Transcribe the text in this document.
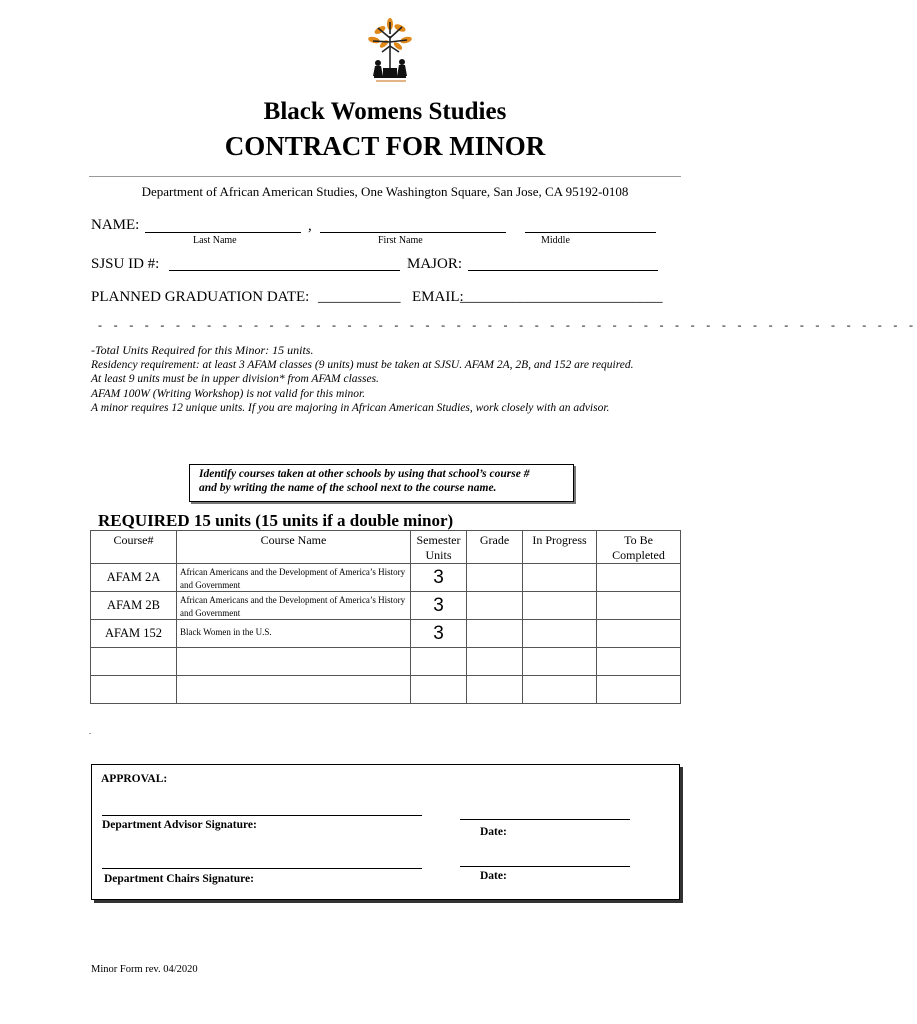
Black Womens Studies
CONTRACT FOR MINOR
Department of African American Studies, One Washington Square, San Jose, CA 95192-0108
NAME:	,
Last Name	First Name	Middle
SJSU ID #:	MAJOR:
PLANNED GRADUATION DATE: ___________ EMAIL:
___________________________
- - - - - - - - - - - - - - - - - - - - - - - - - - - - - - - - - - - - - - - - - - - - - - - - - - - - -
-Total Units Required for this Minor: 15 units.
Residency requirement: at least 3 AFAM classes (9 units) must be taken at SJSU. AFAM 2A, 2B, and 152 are required.
At least 9 units must be in upper division* from AFAM classes.
AFAM 100W (Writing Workshop) is not valid for this minor.
A minor requires 12 unique units. If you are majoring in African American Studies, work closely with an advisor.
Identify courses taken at other schools by using that school’s course #
and by writing the name of the school next to the course name.
REQUIRED 15 units (15 units if a double minor)
Course#	Course Name	Semester Units	Grade	In Progress	To Be Completed
AFAM 2A	African Americans and the Development of America’s History and Government	3			
AFAM 2B	African Americans and the Development of America’s History and Government	3			
AFAM 152	Black Women in the U.S.	3			

.
APPROVAL:
Department Advisor Signature:
Date:
Department Chairs Signature:	Date:
Minor Form rev. 04/2020
